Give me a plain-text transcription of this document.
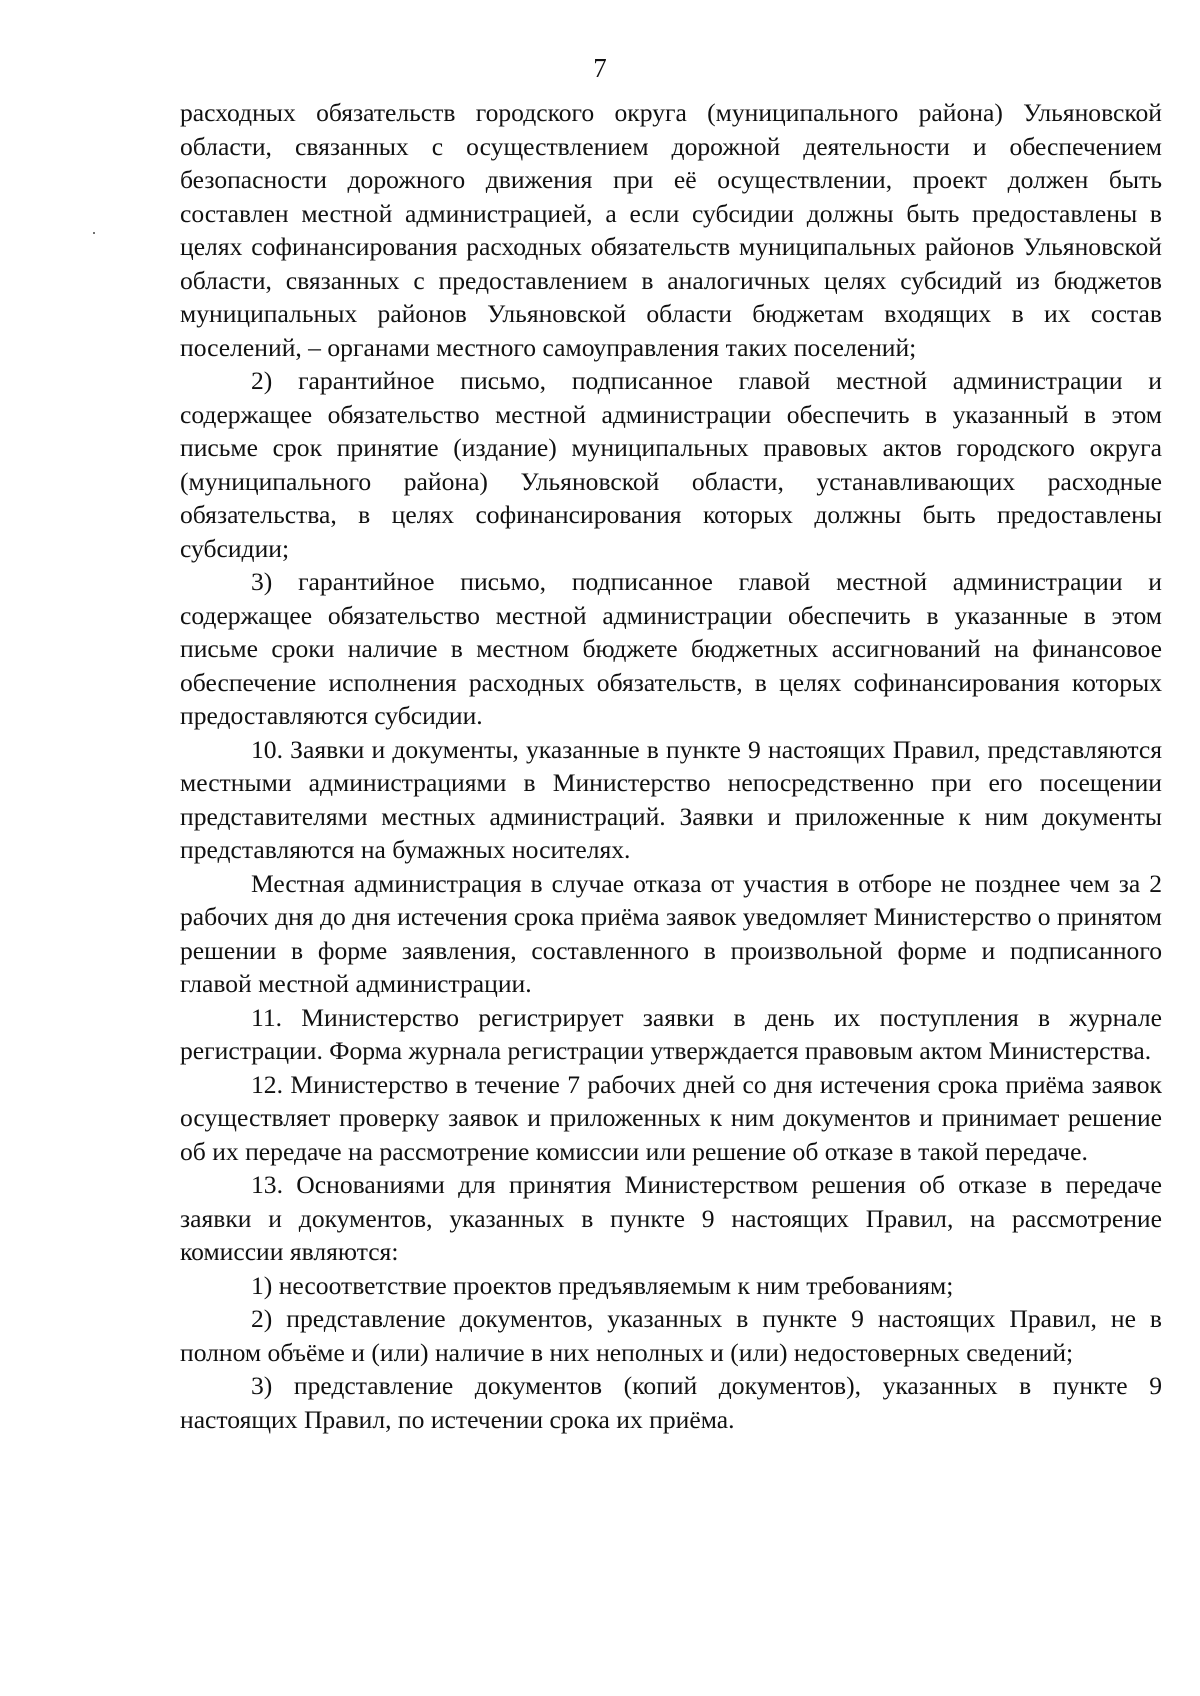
7

расходных обязательств городского округа (муниципального района) Ульяновской области, связанных с осуществлением дорожной деятельности и обеспечением безопасности дорожного движения при её осуществлении, проект должен быть составлен местной администрацией, а если субсидии должны быть предоставлены в целях софинансирования расходных обязательств муниципальных районов Ульяновской области, связанных с предоставлением в аналогичных целях субсидий из бюджетов муниципальных районов Ульяновской области бюджетам входящих в их состав поселений, – органами местного самоуправления таких поселений;

2) гарантийное письмо, подписанное главой местной администрации и содержащее обязательство местной администрации обеспечить в указанный в этом письме срок принятие (издание) муниципальных правовых актов городского округа (муниципального района) Ульяновской области, устанавливающих расходные обязательства, в целях софинансирования которых должны быть предоставлены субсидии;

3) гарантийное письмо, подписанное главой местной администрации и содержащее обязательство местной администрации обеспечить в указанные в этом письме сроки наличие в местном бюджете бюджетных ассигнований на финансовое обеспечение исполнения расходных обязательств, в целях софинансирования которых предоставляются субсидии.

10. Заявки и документы, указанные в пункте 9 настоящих Правил, представляются местными администрациями в Министерство непосредственно при его посещении представителями местных администраций. Заявки и приложенные к ним документы представляются на бумажных носителях.

Местная администрация в случае отказа от участия в отборе не позднее чем за 2 рабочих дня до дня истечения срока приёма заявок уведомляет Министерство о принятом решении в форме заявления, составленного в произвольной форме и подписанного главой местной администрации.

11. Министерство регистрирует заявки в день их поступления в журнале регистрации. Форма журнала регистрации утверждается правовым актом Министерства.

12. Министерство в течение 7 рабочих дней со дня истечения срока приёма заявок осуществляет проверку заявок и приложенных к ним документов и принимает решение об их передаче на рассмотрение комиссии или решение об отказе в такой передаче.

13. Основаниями для принятия Министерством решения об отказе в передаче заявки и документов, указанных в пункте 9 настоящих Правил, на рассмотрение комиссии являются:

1) несоответствие проектов предъявляемым к ним требованиям;

2) представление документов, указанных в пункте 9 настоящих Правил, не в полном объёме и (или) наличие в них неполных и (или) недостоверных сведений;

3) представление документов (копий документов), указанных в пункте 9 настоящих Правил, по истечении срока их приёма.
